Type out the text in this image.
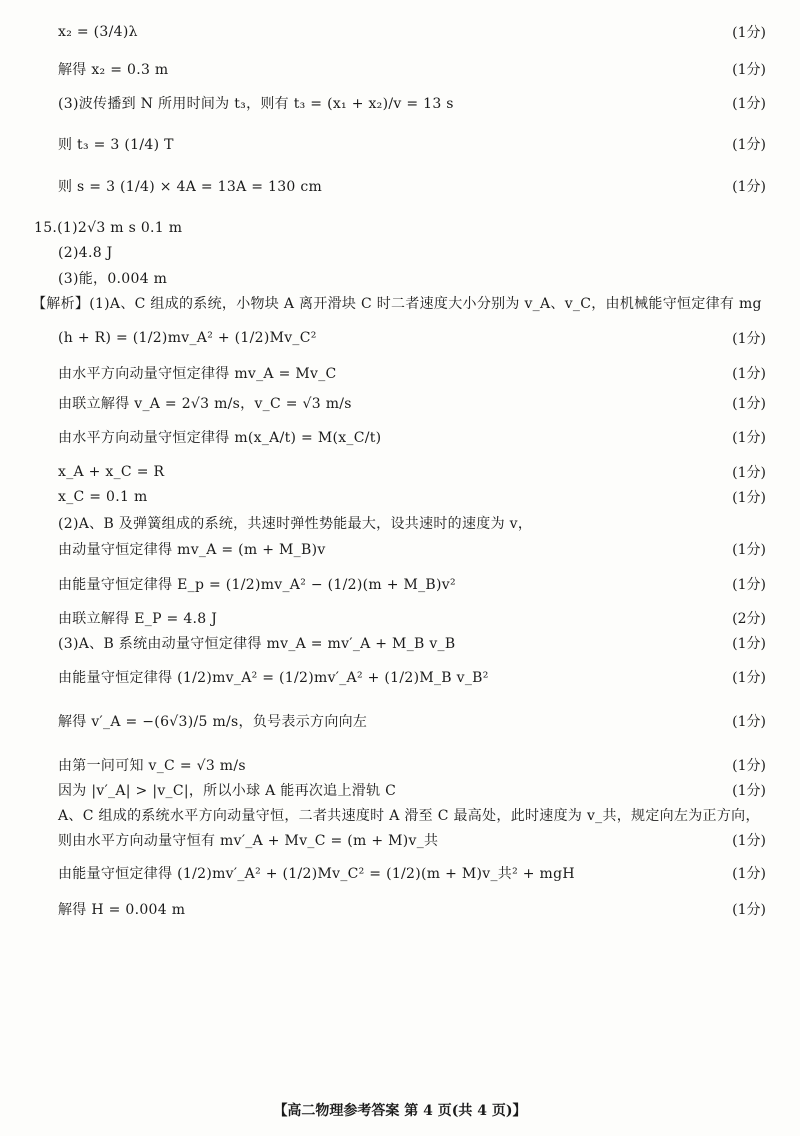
x₂ = (3/4)λ	(1分)
解得 x₂ = 0.3 m	(1分)
(3)波传播到 N 所用时间为 t₃，则有 t₃ = (x₁ + x₂)/v = 13 s	(1分)
则 t₃ = 3 (1/4) T	(1分)
则 s = 3 (1/4) × 4A = 13A = 130 cm	(1分)
15.(1)2√3 m s 0.1 m
(2)4.8 J
(3)能，0.004 m
【解析】(1)A、C 组成的系统，小物块 A 离开滑块 C 时二者速度大小分别为 v_A、v_C，由机械能守恒定律有 mg
(h + R) = (1/2)mv_A² + (1/2)Mv_C²	(1分)
由水平方向动量守恒定律得 mv_A = Mv_C	(1分)
由联立解得 v_A = 2√3 m/s，v_C = √3 m/s	(1分)
由水平方向动量守恒定律得 m(x_A/t) = M(x_C/t)	(1分)
x_A + x_C = R	(1分)
x_C = 0.1 m	(1分)
(2)A、B 及弹簧组成的系统，共速时弹性势能最大，设共速时的速度为 v，
由动量守恒定律得 mv_A = (m + M_B)v	(1分)
由能量守恒定律得 E_p = (1/2)mv_A² − (1/2)(m + M_B)v²	(1分)
由联立解得 E_P = 4.8 J	(2分)
(3)A、B 系统由动量守恒定律得 mv_A = mv′_A + M_B v_B	(1分)
由能量守恒定律得 (1/2)mv_A² = (1/2)mv′_A² + (1/2)M_B v_B²	(1分)
解得 v′_A = −(6√3)/5 m/s，负号表示方向向左	(1分)
由第一问可知 v_C = √3 m/s	(1分)
因为 |v′_A| > |v_C|，所以小球 A 能再次追上滑轨 C	(1分)
A、C 组成的系统水平方向动量守恒，二者共速度时 A 滑至 C 最高处，此时速度为 v_共，规定向左为正方向，
则由水平方向动量守恒有 mv′_A + Mv_C = (m + M)v_共	(1分)
由能量守恒定律得 (1/2)mv′_A² + (1/2)Mv_C² = (1/2)(m + M)v_共² + mgH	(1分)
解得 H = 0.004 m	(1分)
【高二物理参考答案 第 4 页(共 4 页)】
